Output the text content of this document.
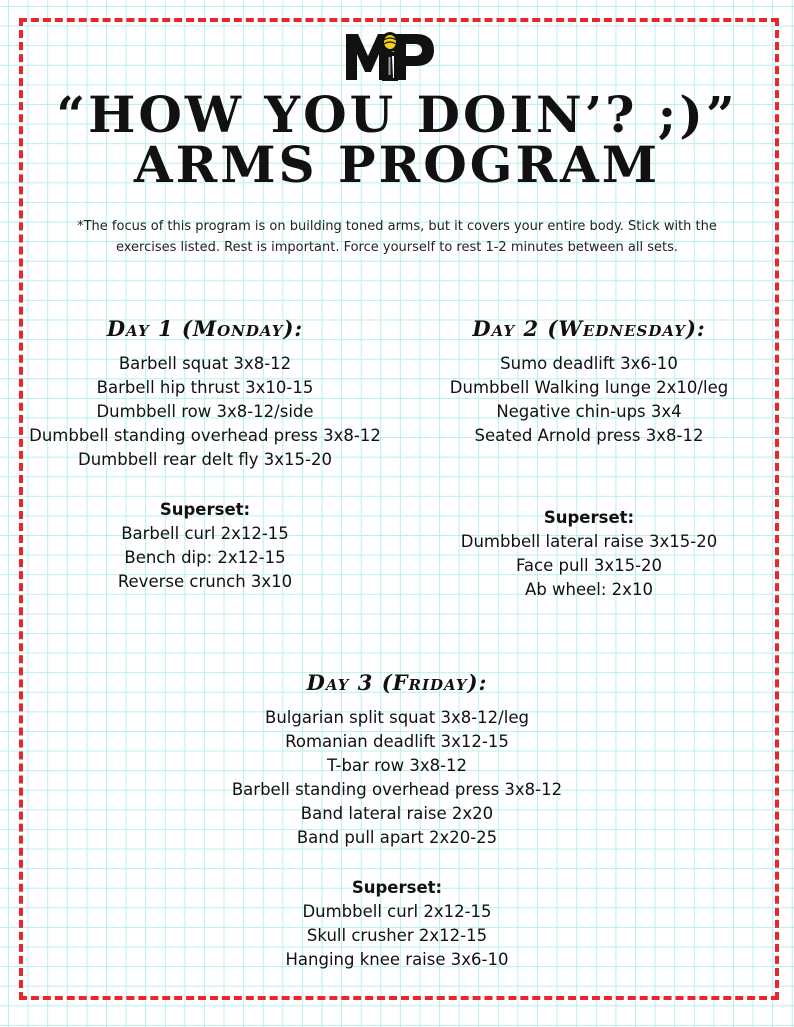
“HOW YOU DOIN’? ;)”
ARMS PROGRAM

*The focus of this program is on building toned arms, but it covers your entire body. Stick with the exercises listed. Rest is important. Force yourself to rest 1-2 minutes between all sets.

Day 1 (Monday):
Barbell squat 3x8-12
Barbell hip thrust 3x10-15
Dumbbell row 3x8-12/side
Dumbbell standing overhead press 3x8-12
Dumbbell rear delt fly 3x15-20
Superset:
Barbell curl 2x12-15
Bench dip: 2x12-15
Reverse crunch 3x10
Day 2 (Wednesday):
Sumo deadlift 3x6-10
Dumbbell Walking lunge 2x10/leg
Negative chin-ups 3x4
Seated Arnold press 3x8-12
Superset:
Dumbbell lateral raise 3x15-20
Face pull 3x15-20
Ab wheel: 2x10
Day 3 (Friday):
Bulgarian split squat 3x8-12/leg
Romanian deadlift 3x12-15
T-bar row 3x8-12
Barbell standing overhead press 3x8-12
Band lateral raise 2x20
Band pull apart 2x20-25
Superset:
Dumbbell curl 2x12-15
Skull crusher 2x12-15
Hanging knee raise 3x6-10
